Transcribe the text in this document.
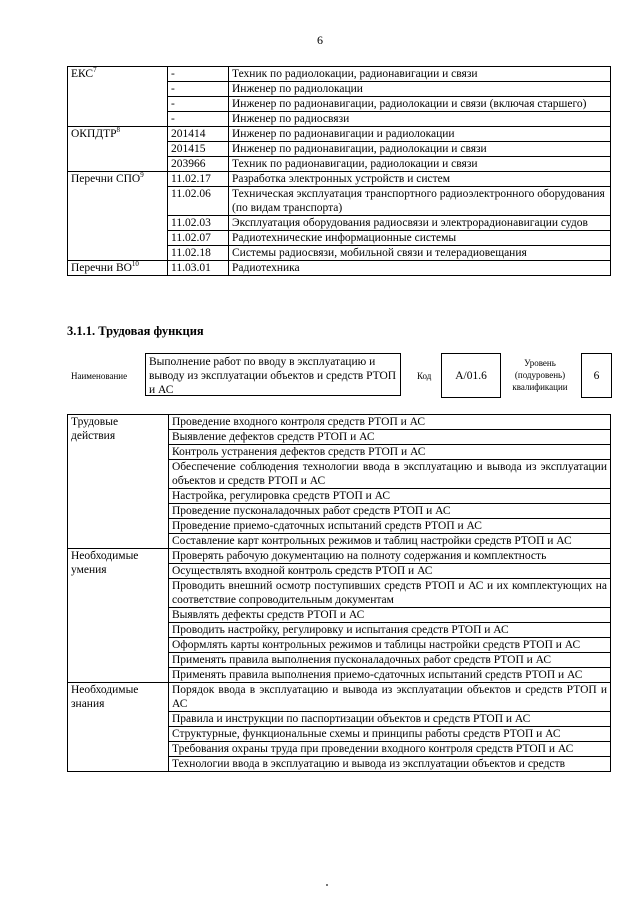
6
ЕКС$^7$	-	Техник по радиолокации, радионавигации и связи
	-	Инженер по радиолокации
	-	Инженер по радионавигации, радиолокации и связи (включая старшего)
	-	Инженер по радиосвязи
ОКПДТР$^8$	201414	Инженер по радионавигации и радиолокации
	201415	Инженер по радионавигации, радиолокации и связи
	203966	Техник по радионавигации, радиолокации и связи
Перечни СПО$^9$	11.02.17	Разработка электронных устройств и систем
	11.02.06	Техническая эксплуатация транспортного радиоэлектронного оборудования (по видам транспорта)
	11.02.03	Эксплуатация оборудования радиосвязи и электрорадионавигации судов
	11.02.07	Радиотехнические информационные системы
	11.02.18	Системы радиосвязи, мобильной связи и телерадиовещания
Перечни ВО$^{10}$	11.03.01	Радиотехника
3.1.1. Трудовая функция
Наименование
Выполнение работ по вводу в эксплуатацию и выводу из эксплуатации объектов и средств РТОП и АС
Код	А/01.6
Уровень (подуровень) квалификации
6
Трудовые действия	Проведение входного контроля средств РТОП и АС
	Выявление дефектов средств РТОП и АС
	Контроль устранения дефектов средств РТОП и АС
	Обеспечение соблюдения технологии ввода в эксплуатацию и вывода из эксплуатации объектов и средств РТОП и АС
	Настройка, регулировка средств РТОП и АС
	Проведение пусконаладочных работ средств РТОП и АС
	Проведение приемо-сдаточных испытаний средств РТОП и АС
	Составление карт контрольных режимов и таблиц настройки средств РТОП и АС
Необходимые умения	Проверять рабочую документацию на полноту содержания и комплектность
	Осуществлять входной контроль средств РТОП и АС
	Проводить внешний осмотр поступивших средств РТОП и АС и их комплектующих на соответствие сопроводительным документам
	Выявлять дефекты средств РТОП и АС
	Проводить настройку, регулировку и испытания средств РТОП и АС
	Оформлять карты контрольных режимов и таблицы настройки средств РТОП и АС
	Применять правила выполнения пусконаладочных работ средств РТОП и АС
	Применять правила выполнения приемо-сдаточных испытаний средств РТОП и АС
Необходимые знания	Порядок ввода в эксплуатацию и вывода из эксплуатации объектов и средств РТОП и АС
	Правила и инструкции по паспортизации объектов и средств РТОП и АС
	Структурные, функциональные схемы и принципы работы средств РТОП и АС
	Требования охраны труда при проведении входного контроля средств РТОП и АС
	Технологии ввода в эксплуатацию и вывода из эксплуатации объектов и средств
